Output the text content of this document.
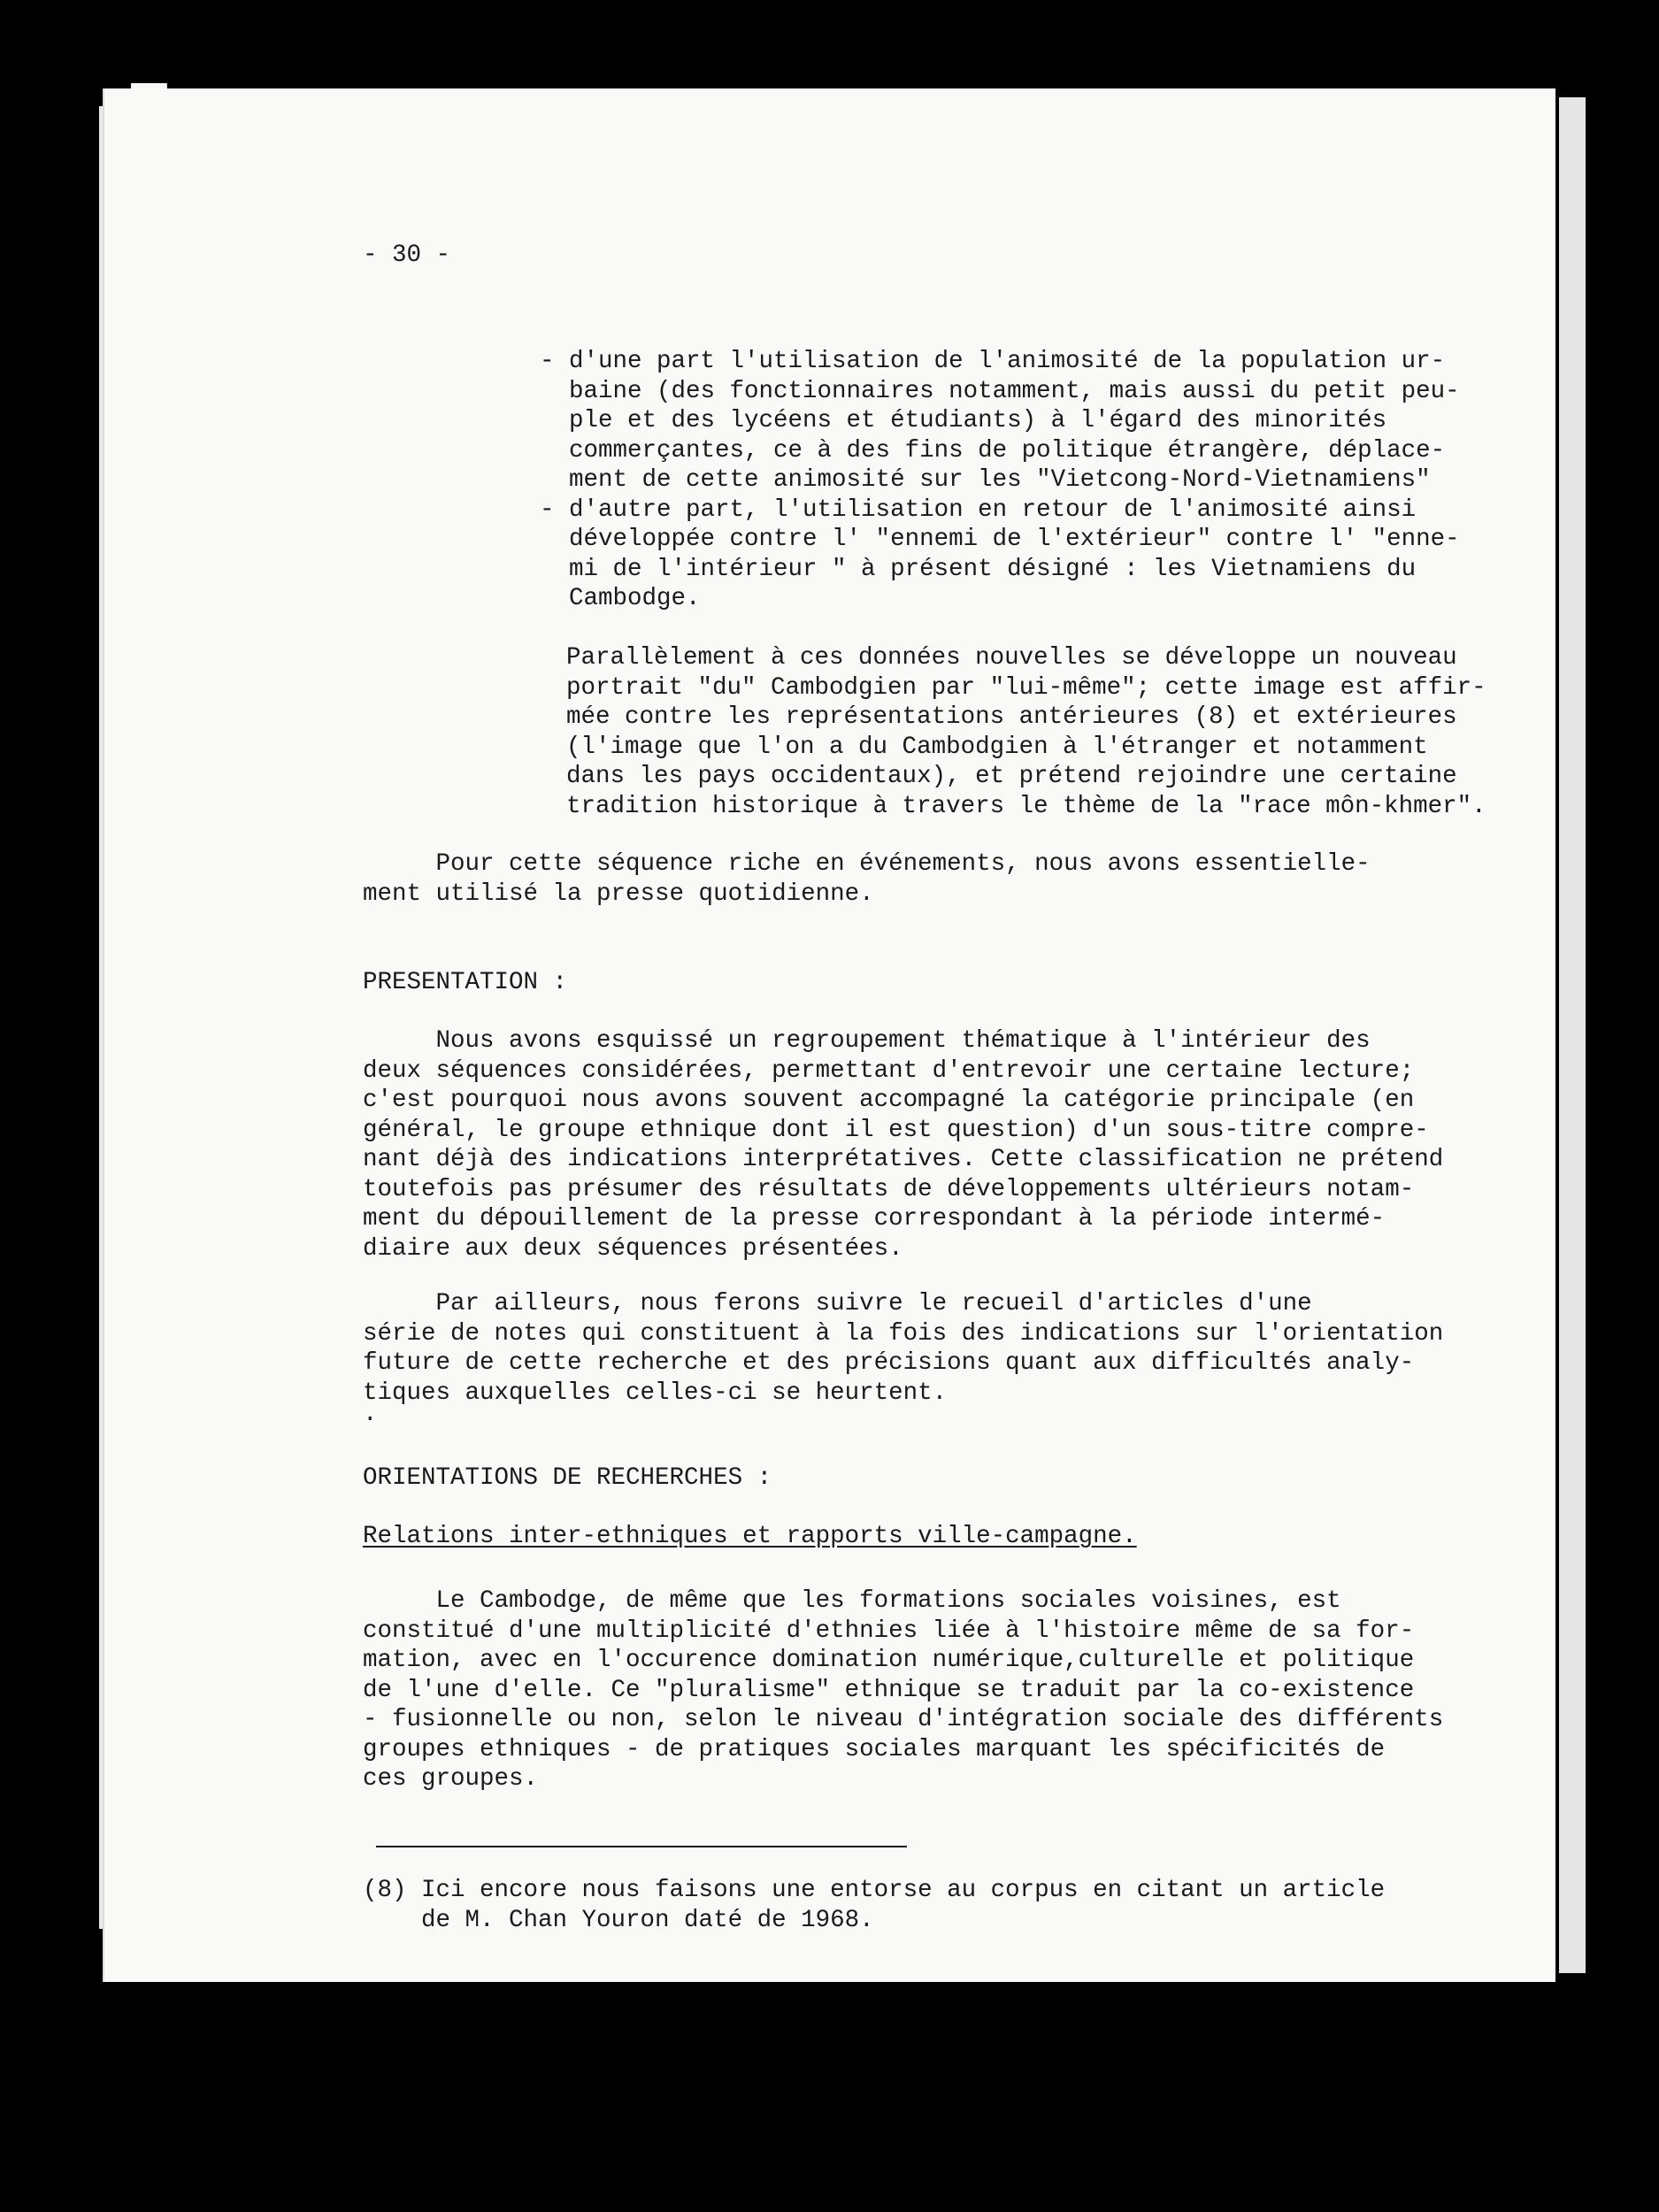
- 30 -
- d'une part l'utilisation de l'animosité de la population ur-
baine (des fonctionnaires notamment, mais aussi du petit peu-
ple et des lycéens et étudiants) à l'égard des minorités
commerçantes, ce à des fins de politique étrangère, déplace-
ment de cette animosité sur les "Vietcong-Nord-Vietnamiens"
- d'autre part, l'utilisation en retour de l'animosité ainsi
développée contre l' "ennemi de l'extérieur" contre l' "enne-
mi de l'intérieur " à présent désigné : les Vietnamiens du
Cambodge.
Parallèlement à ces données nouvelles se développe un nouveau
portrait "du" Cambodgien par "lui-même"; cette image est affir-
mée contre les représentations antérieures (8) et extérieures
(l'image que l'on a du Cambodgien à l'étranger et notamment
dans les pays occidentaux), et prétend rejoindre une certaine
tradition historique à travers le thème de la "race môn-khmer".
Pour cette séquence riche en événements, nous avons essentielle-
ment utilisé la presse quotidienne.
PRESENTATION :
Nous avons esquissé un regroupement thématique à l'intérieur des
deux séquences considérées, permettant d'entrevoir une certaine lecture;
c'est pourquoi nous avons souvent accompagné la catégorie principale (en
général, le groupe ethnique dont il est question) d'un sous-titre compre-
nant déjà des indications interprétatives. Cette classification ne prétend
toutefois pas présumer des résultats de développements ultérieurs notam-
ment du dépouillement de la presse correspondant à la période intermé-
diaire aux deux séquences présentées.
Par ailleurs, nous ferons suivre le recueil d'articles d'une
série de notes qui constituent à la fois des indications sur l'orientation
future de cette recherche et des précisions quant aux difficultés analy-
tiques auxquelles celles-ci se heurtent.
.
ORIENTATIONS DE RECHERCHES :
Relations inter-ethniques et rapports ville-campagne.
Le Cambodge, de même que les formations sociales voisines, est
constitué d'une multiplicité d'ethnies liée à l'histoire même de sa for-
mation, avec en l'occurence domination numérique,culturelle et politique
de l'une d'elle. Ce "pluralisme" ethnique se traduit par la co-existence
- fusionnelle ou non, selon le niveau d'intégration sociale des différents
groupes ethniques - de pratiques sociales marquant les spécificités de
ces groupes.
(8) Ici encore nous faisons une entorse au corpus en citant un article
de M. Chan Youron daté de 1968.
